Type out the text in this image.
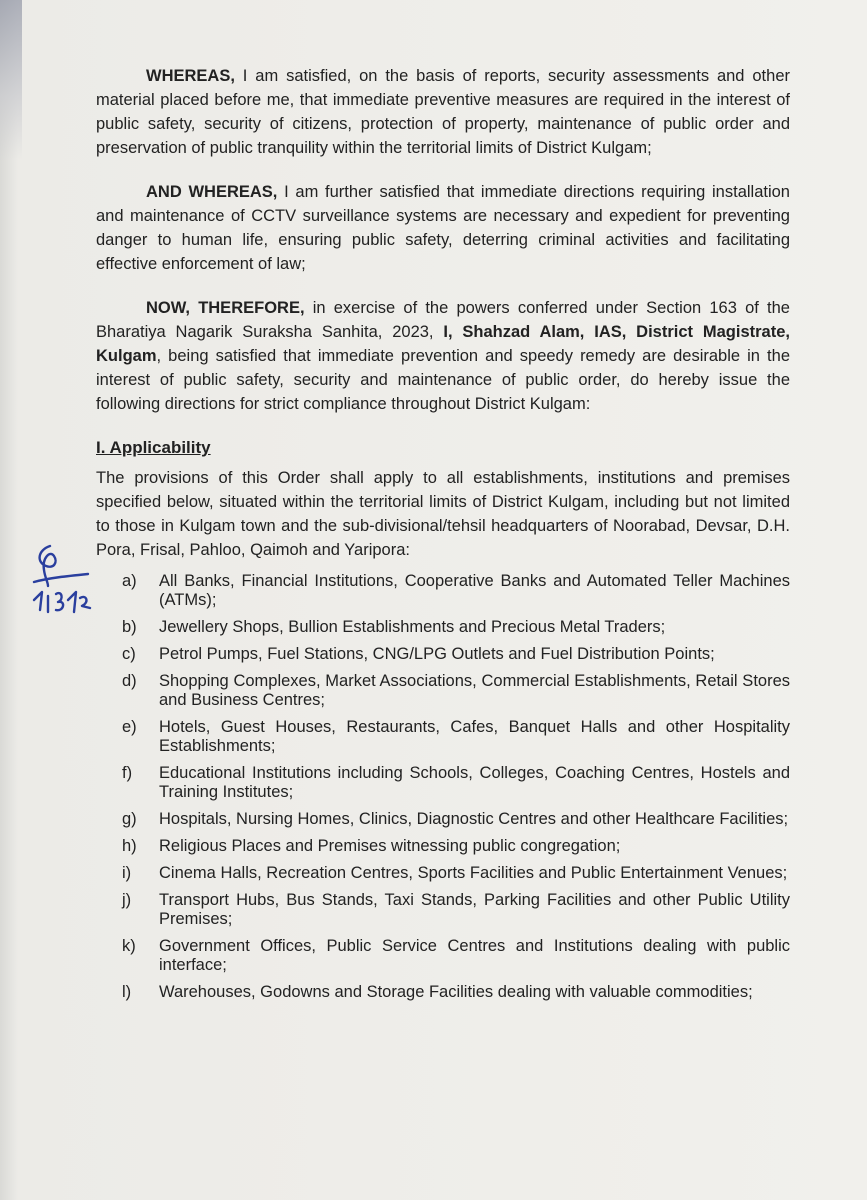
WHEREAS, I am satisfied, on the basis of reports, security assessments and other material placed before me, that immediate preventive measures are required in the interest of public safety, security of citizens, protection of property, maintenance of public order and preservation of public tranquility within the territorial limits of District Kulgam;

AND WHEREAS, I am further satisfied that immediate directions requiring installation and maintenance of CCTV surveillance systems are necessary and expedient for preventing danger to human life, ensuring public safety, deterring criminal activities and facilitating effective enforcement of law;

NOW, THEREFORE, in exercise of the powers conferred under Section 163 of the Bharatiya Nagarik Suraksha Sanhita, 2023, I, Shahzad Alam, IAS, District Magistrate, Kulgam, being satisfied that immediate prevention and speedy remedy are desirable in the interest of public safety, security and maintenance of public order, do hereby issue the following directions for strict compliance throughout District Kulgam:

I. Applicability

The provisions of this Order shall apply to all establishments, institutions and premises specified below, situated within the territorial limits of District Kulgam, including but not limited to those in Kulgam town and the sub-divisional/tehsil headquarters of Noorabad, Devsar, D.H. Pora, Frisal, Pahloo, Qaimoh and Yaripora:

a)	All Banks, Financial Institutions, Cooperative Banks and Automated Teller Machines (ATMs);
b)	Jewellery Shops, Bullion Establishments and Precious Metal Traders;
c)	Petrol Pumps, Fuel Stations, CNG/LPG Outlets and Fuel Distribution Points;
d)	Shopping Complexes, Market Associations, Commercial Establishments, Retail Stores and Business Centres;
e)	Hotels, Guest Houses, Restaurants, Cafes, Banquet Halls and other Hospitality Establishments;
f)	Educational Institutions including Schools, Colleges, Coaching Centres, Hostels and Training Institutes;
g)	Hospitals, Nursing Homes, Clinics, Diagnostic Centres and other Healthcare Facilities;
h)	Religious Places and Premises witnessing public congregation;
i)	Cinema Halls, Recreation Centres, Sports Facilities and Public Entertainment Venues;
j)	Transport Hubs, Bus Stands, Taxi Stands, Parking Facilities and other Public Utility Premises;
k)	Government Offices, Public Service Centres and Institutions dealing with public interface;
l)	Warehouses, Godowns and Storage Facilities dealing with valuable commodities;
